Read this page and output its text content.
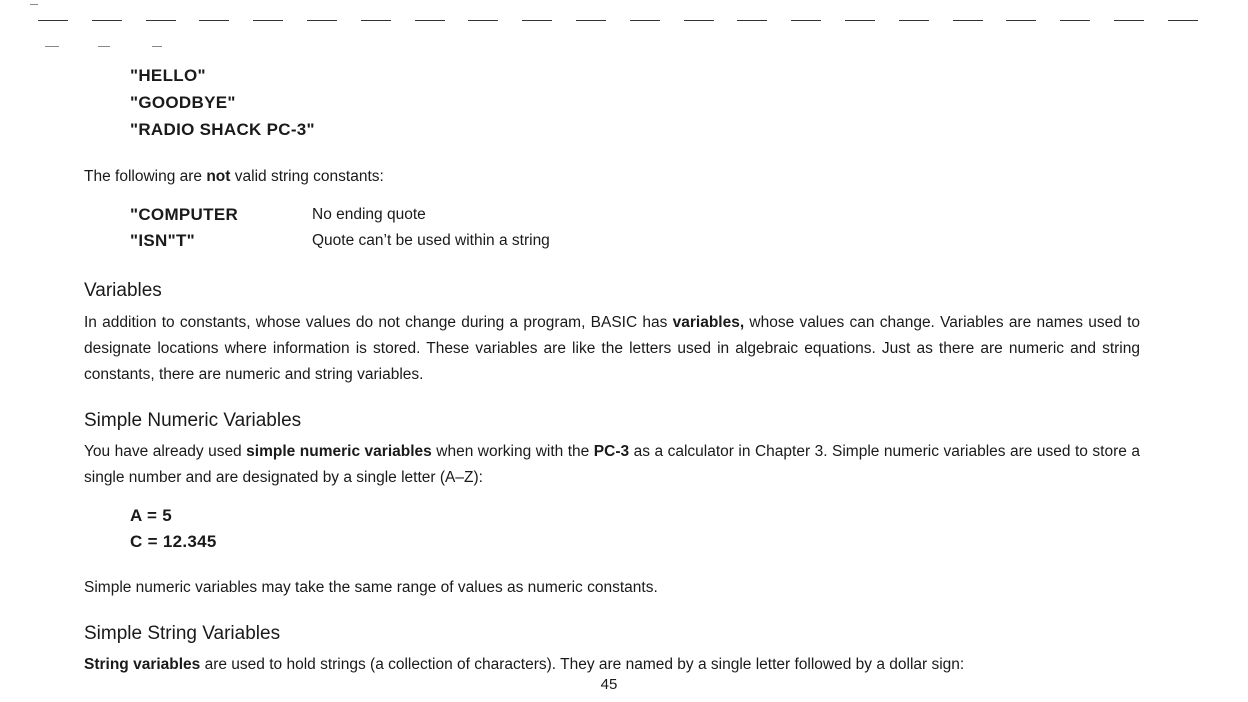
"HELLO"

"GOODBYE"

"RADIO SHACK PC-3"

The following are not valid string constants:

"COMPUTER	No ending quote
"ISN"T"	Quote can’t be used within a string
Variables

In addition to constants, whose values do not change during a program, BASIC has variables, whose values can change. Variables are names used to designate locations where information is stored. These variables are like the letters used in algebraic equations. Just as there are numeric and string constants, there are numeric and string variables.

Simple Numeric Variables

You have already used simple numeric variables when working with the PC-3 as a calculator in Chapter 3. Simple numeric variables are used to store a single number and are designated by a single letter (A–Z):

A = 5

C = 12.345

Simple numeric variables may take the same range of values as numeric constants.

Simple String Variables

String variables are used to hold strings (a collection of characters). They are named by a single letter followed by a dollar sign:

45
